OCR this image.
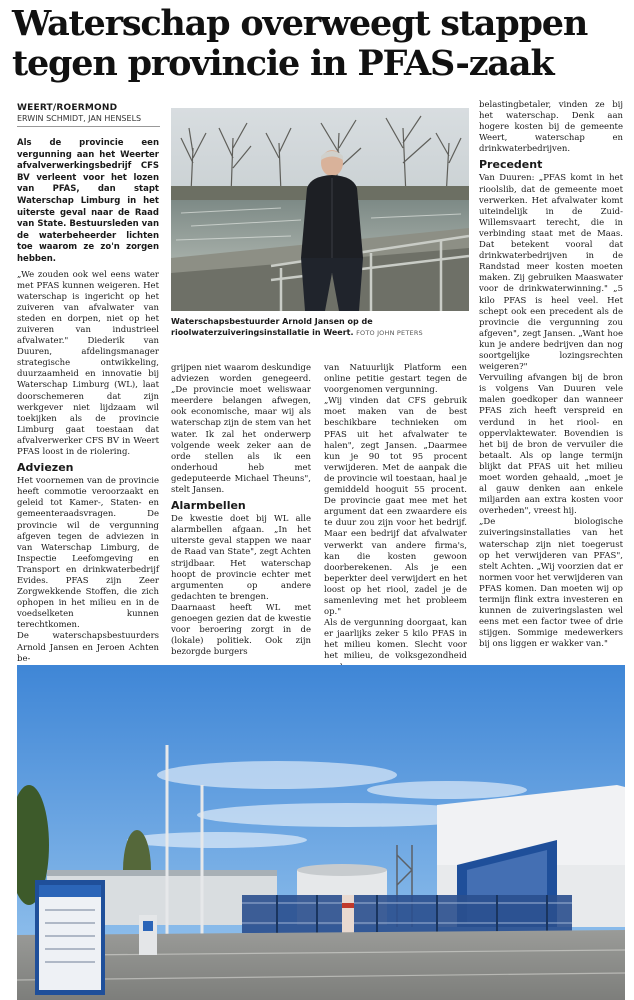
Waterschap overweegt stappen
tegen provincie in PFAS-zaak
WEERT/ROERMOND
ERWIN SCHMIDT, JAN HENSELS

Als de provincie een vergunning aan het Weerter afvalverwerkingsbedrijf CFS BV verleent voor het lozen van PFAS, dan stapt Waterschap Limburg in het uiterste geval naar de Raad van State. Bestuursleden van de waterbeheerder lichten toe waarom ze zo'n zorgen hebben.

„We zouden ook wel eens water met PFAS kunnen weigeren. Het waterschap is ingericht op het zuiveren van afvalwater van steden en dorpen, niet op het zuiveren van industrieel afvalwater." Diederik van Duuren, afdelingsmanager strategische ontwikkeling, duurzaamheid en innovatie bij Waterschap Limburg (WL), laat doorschemeren dat zijn werkgever niet lijdzaam wil toekijken als de provincie Limburg gaat toestaan dat afvalverwerker CFS BV in Weert PFAS loost in de riolering.

Adviezen

Het voornemen van de provincie heeft commotie veroorzaakt en geleid tot Kamer-, Staten- en gemeenteraadsvragen. De provincie wil de vergunning afgeven tegen de adviezen in van Waterschap Limburg, de Inspectie Leefomgeving en Transport en drinkwaterbedrijf Evides. PFAS zijn Zeer Zorgwekkende Stoffen, die zich ophopen in het milieu en in de voedselketen kunnen terechtkomen.

De waterschapsbestuurders Arnold Jansen en Jeroen Achten be-

Waterschapsbestuurder Arnold Jansen op de rioolwaterzuiveringsinstallatie in Weert. FOTO JOHN PETERS

grijpen niet waarom deskundige adviezen worden genegeerd. „De provincie moet weliswaar meerdere belangen afwegen, ook economische, maar wij als waterschap zijn de stem van het water. Ik zal het onderwerp volgende week zeker aan de orde stellen als ik een onderhoud heb met gedeputeerde Michael Theuns", stelt Jansen.

Alarmbellen

De kwestie doet bij WL alle alarmbellen afgaan. „In het uiterste geval stappen we naar de Raad van State", zegt Achten strijdbaar. Het waterschap hoopt de provincie echter met argumenten op andere gedachten te brengen.

Daarnaast heeft WL met genoegen gezien dat de kwestie voor beroering zorgt in de (lokale) politiek. Ook zijn bezorgde burgers

van Natuurlijk Platform een online petitie gestart tegen de voorgenomen vergunning.

„Wij vinden dat CFS gebruik moet maken van de best beschikbare technieken om PFAS uit het afvalwater te halen", zegt Jansen. „Daarmee kun je 90 tot 95 procent verwijderen. Met de aanpak die de provincie wil toestaan, haal je gemiddeld hooguit 55 procent. De provincie gaat mee met het argument dat een zwaardere eis te duur zou zijn voor het bedrijf. Maar een bedrijf dat afvalwater verwerkt van andere firma's, kan die kosten gewoon doorberekenen. Als je een beperkter deel verwijdert en het loost op het riool, zadel je de samenleving met het probleem op."

Als de vergunning doorgaat, kan er jaarlijks zeker 5 kilo PFAS in het milieu komen. Slecht voor het milieu, de volksgezondheid

belastingbetaler, vinden ze bij het waterschap. Denk aan hogere kosten bij de gemeente Weert, waterschap en drinkwaterbedrijven.

Precedent

Van Duuren: „PFAS komt in het rioolslib, dat de gemeente moet verwerken. Het afvalwater komt uiteindelijk in de Zuid-Willemsvaart terecht, die in verbinding staat met de Maas. Dat betekent vooral dat drinkwaterbedrijven in de Randstad meer kosten moeten maken. Zij gebruiken Maaswater voor de drinkwaterwinning." „5 kilo PFAS is heel veel. Het schept ook een precedent als de provincie die vergunning zou afgeven", zegt Jansen. „Want hoe kun je andere bedrijven dan nog soortgelijke lozingsrechten weigeren?"

Vervuiling afvangen bij de bron is volgens Van Duuren vele malen goedkoper dan wanneer PFAS zich heeft verspreid en verdund in het riool- en oppervlaktewater. Bovendien is het bij de bron de vervuiler die betaalt. Als op lange termijn blijkt dat PFAS uit het milieu moet worden gehaald, „moet je al gauw denken aan enkele miljarden aan extra kosten voor overheden", vreest hij.

„De biologische zuiveringsinstallaties van het waterschap zijn niet toegerust op het verwijderen van PFAS", stelt Achten. „Wij voorzien dat er normen voor het verwijderen van PFAS komen. Dan moeten wij op termijn flink extra investeren en kunnen de zuiveringslasten wel eens met een factor twee of drie stijgen. Sommige medewerkers bij ons liggen er wakker van."
